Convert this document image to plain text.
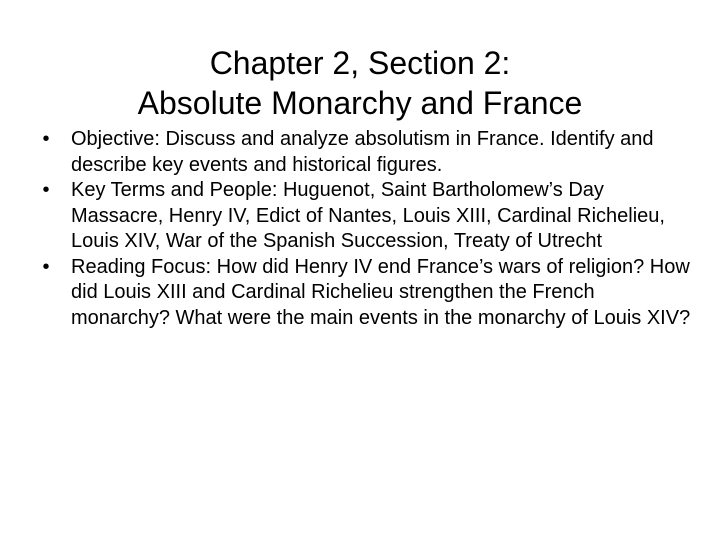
Chapter 2, Section 2:
Absolute Monarchy and France
•	Objective: Discuss and analyze absolutism in France. Identify and describe key events and historical figures.
•	Key Terms and People: Huguenot, Saint Bartholomew’s Day Massacre, Henry IV, Edict of Nantes, Louis XIII, Cardinal Richelieu, Louis XIV, War of the Spanish Succession, Treaty of Utrecht
•	Reading Focus: How did Henry IV end France’s wars of religion? How did Louis XIII and Cardinal Richelieu strengthen the French monarchy? What were the main events in the monarchy of Louis XIV?
